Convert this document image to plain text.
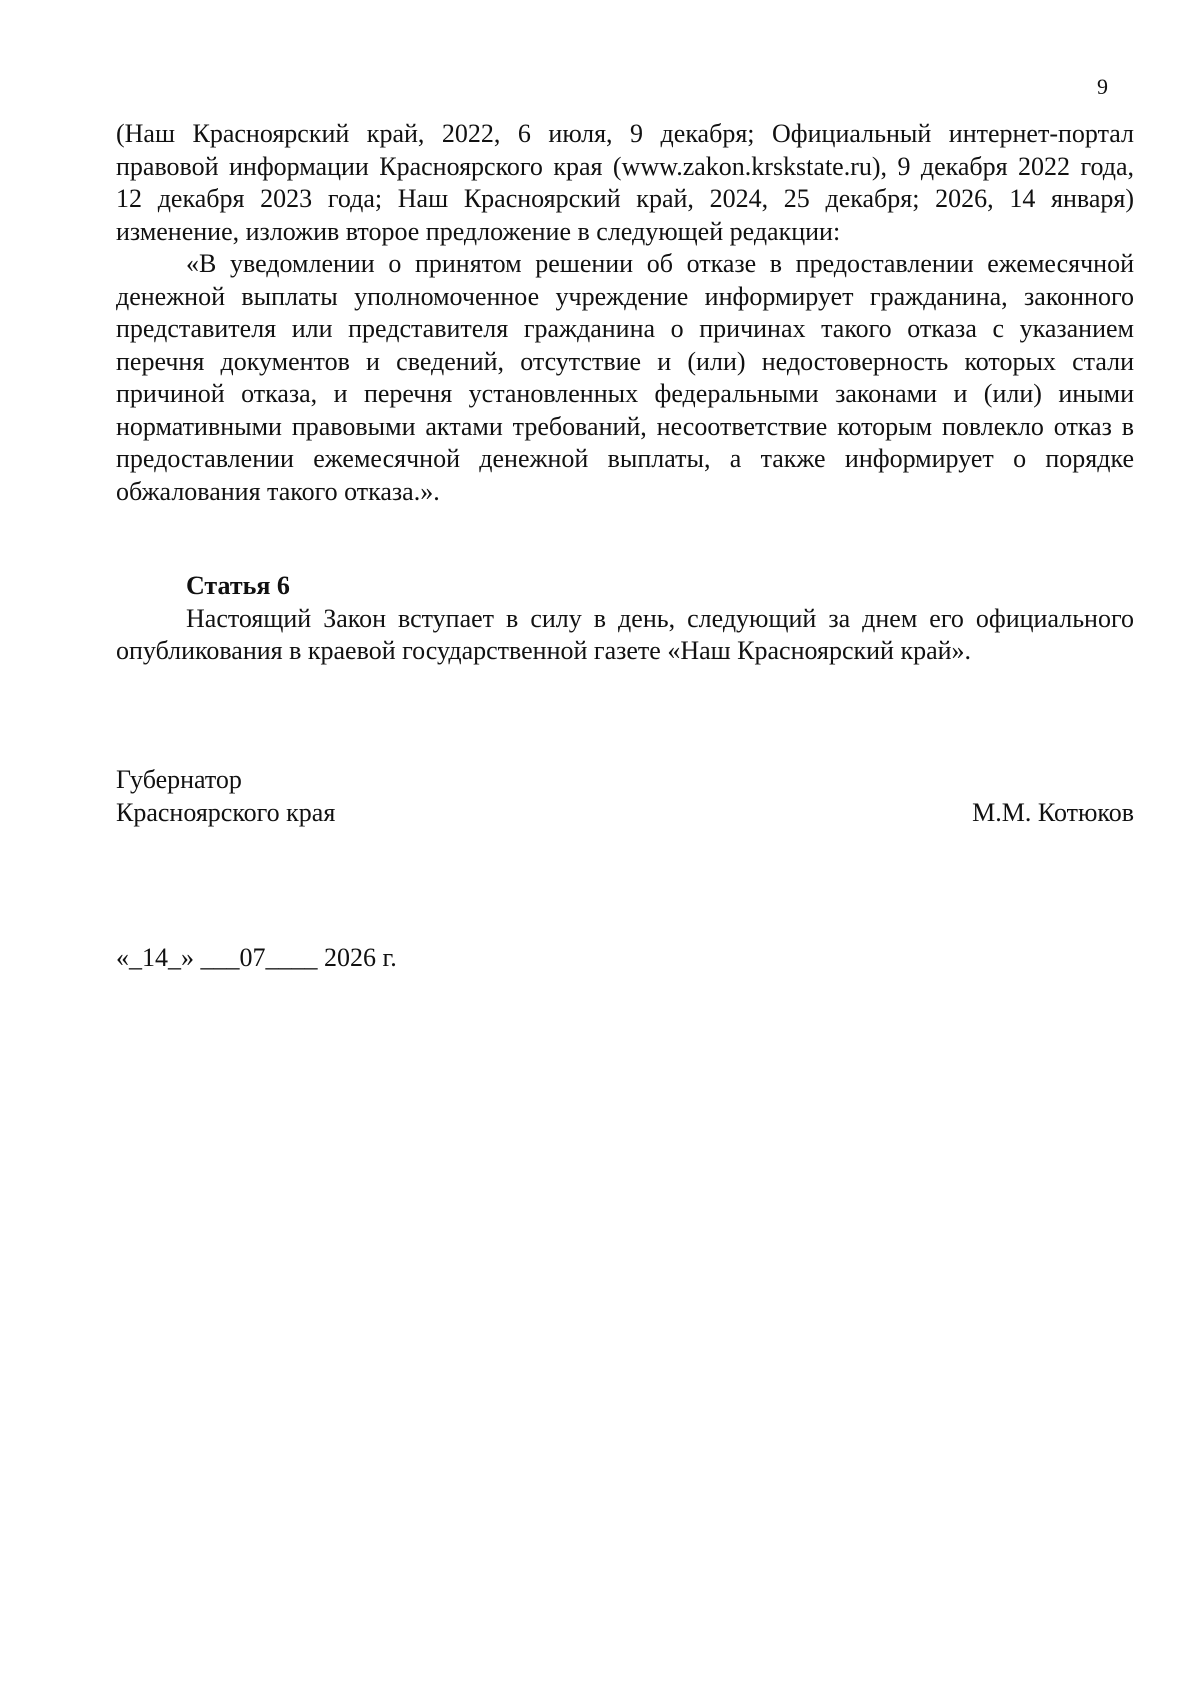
9

(Наш Красноярский край, 2022, 6 июля, 9 декабря; Официальный интернет-портал правовой информации Красноярского края (www.zakon.krskstate.ru), 9 декабря 2022 года, 12 декабря 2023 года; Наш Красноярский край, 2024, 25 декабря; 2026, 14 января) изменение, изложив второе предложение в следующей редакции:

«В уведомлении о принятом решении об отказе в предоставлении ежемесячной денежной выплаты уполномоченное учреждение информирует гражданина, законного представителя или представителя гражданина о причинах такого отказа с указанием перечня документов и сведений, отсутствие и (или) недостоверность которых стали причиной отказа, и перечня установленных федеральными законами и (или) иными нормативными правовыми актами требований, несоответствие которым повлекло отказ в предоставлении ежемесячной денежной выплаты, а также информирует о порядке обжалования такого отказа.».

Статья 6

Настоящий Закон вступает в силу в день, следующий за днем его официального опубликования в краевой государственной газете «Наш Красноярский край».

Губернатор
Красноярского края	М.М. Котюков
«_14_» ___07____ 2026 г.
